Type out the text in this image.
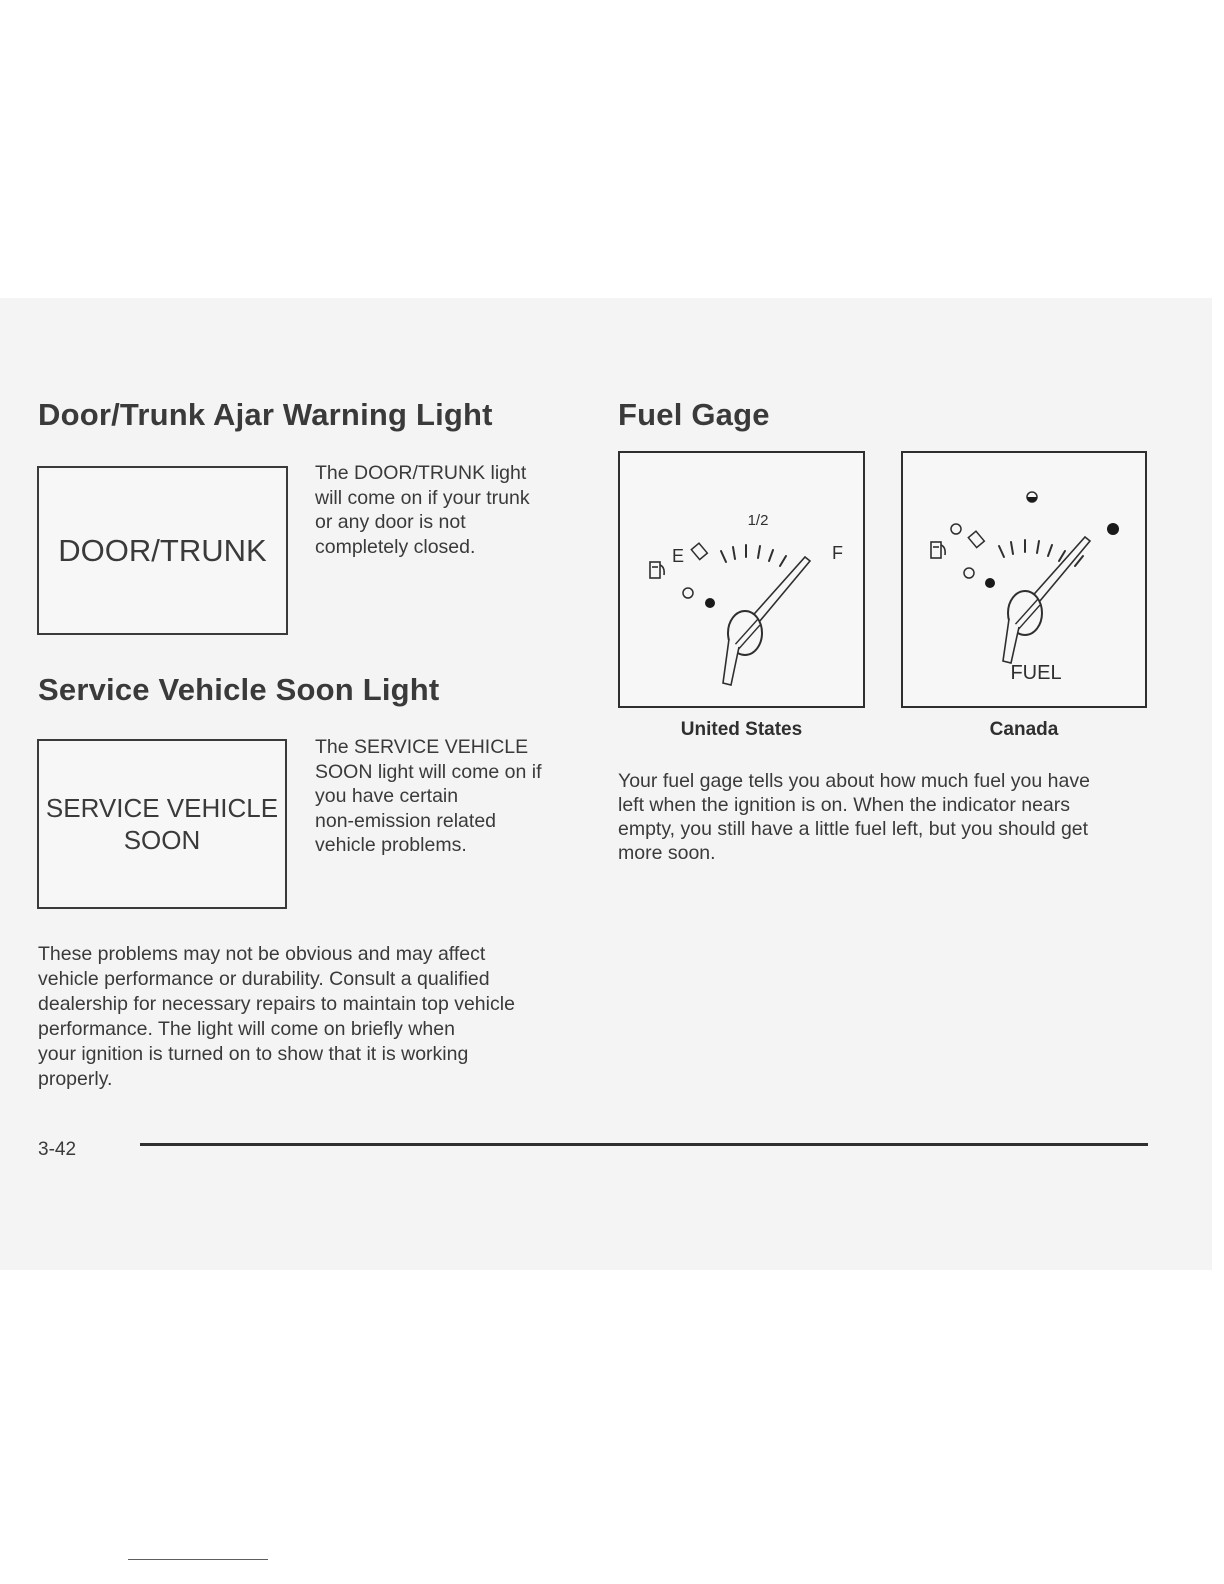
Door/Trunk Ajar Warning Light
DOOR/TRUNK
The DOOR/TRUNK light
will come on if your trunk
or any door is not
completely closed.
Service Vehicle Soon Light
SERVICE VEHICLE
SOON
The SERVICE VEHICLE
SOON light will come on if
you have certain
non-emission related
vehicle problems.
These problems may not be obvious and may affect
vehicle performance or durability. Consult a qualified
dealership for necessary repairs to maintain top vehicle
performance. The light will come on briefly when
your ignition is turned on to show that it is working
properly.
Fuel Gage
E
1/2
F
United States
FUEL
Canada
Your fuel gage tells you about how much fuel you have
left when the ignition is on. When the indicator nears
empty, you still have a little fuel left, but you should get
more soon.
3-42
